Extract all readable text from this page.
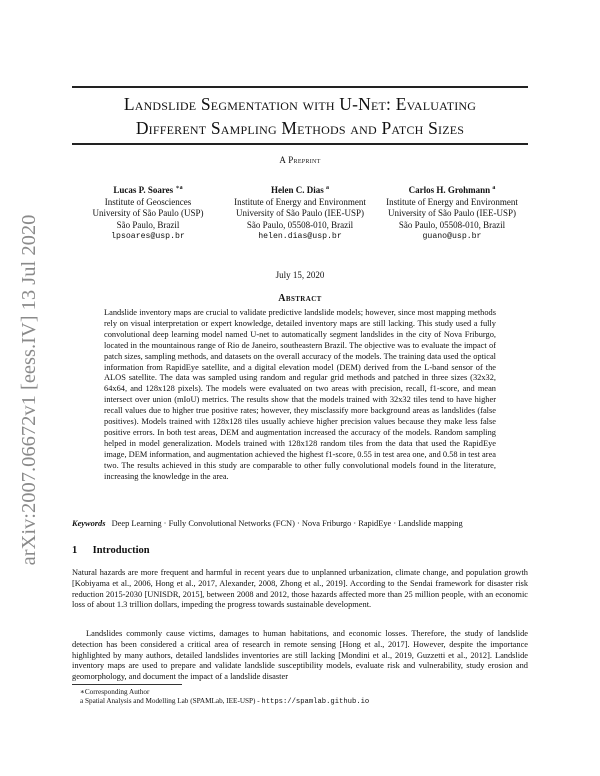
arXiv:2007.06672v1 [eess.IV] 13 Jul 2020
Landslide Segmentation with U-Net: Evaluating
Different Sampling Methods and Patch Sizes
A Preprint
Lucas P. Soares $^{∗a}$
Institute of Geosciences
University of São Paulo (USP)
São Paulo, Brazil
lpsoares@usp.br
Helen C. Dias $^a$
Institute of Energy and Environment
University of São Paulo (IEE-USP)
São Paulo, 05508-010, Brazil
helen.dias@usp.br
Carlos H. Grohmann $^a$
Institute of Energy and Environment
University of São Paulo (IEE-USP)
São Paulo, 05508-010, Brazil
guano@usp.br
July 15, 2020
Abstract
Landslide inventory maps are crucial to validate predictive landslide models; however, since most mapping methods rely on visual interpretation or expert knowledge, detailed inventory maps are still lacking. This study used a fully convolutional deep learning model named U-net to automatically segment landslides in the city of Nova Friburgo, located in the mountainous range of Rio de Janeiro, southeastern Brazil. The objective was to evaluate the impact of patch sizes, sampling methods, and datasets on the overall accuracy of the models. The training data used the optical information from RapidEye satellite, and a digital elevation model (DEM) derived from the L-band sensor of the ALOS satellite. The data was sampled using random and regular grid methods and patched in three sizes (32x32, 64x64, and 128x128 pixels). The models were evaluated on two areas with precision, recall, f1-score, and mean intersect over union (mIoU) metrics. The results show that the models trained with 32x32 tiles tend to have higher recall values due to higher true positive rates; however, they misclassify more background areas as landslides (false positives). Models trained with 128x128 tiles usually achieve higher precision values because they make less false positive errors. In both test areas, DEM and augmentation increased the accuracy of the models. Random sampling helped in model generalization. Models trained with 128x128 random tiles from the data that used the RapidEye image, DEM information, and augmentation achieved the highest f1-score, 0.55 in test area one, and 0.58 in test area two. The results achieved in this study are comparable to other fully convolutional models found in the literature, increasing the knowledge in the area.
Keywords Deep Learning · Fully Convolutional Networks (FCN) · Nova Friburgo · RapidEye · Landslide mapping
1 Introduction
Natural hazards are more frequent and harmful in recent years due to unplanned urbanization, climate change, and population growth [Kobiyama et al., 2006, Hong et al., 2017, Alexander, 2008, Zhong et al., 2019]. According to the Sendai framework for disaster risk reduction 2015-2030 [UNISDR, 2015], between 2008 and 2012, those hazards affected more than 25 million people, with an economic loss of about 1.3 trillion dollars, impeding the progress towards sustainable development.
Landslides commonly cause victims, damages to human habitations, and economic losses. Therefore, the study of landslide detection has been considered a critical area of research in remote sensing [Hong et al., 2017]. However, despite the importance highlighted by many authors, detailed landslides inventories are still lacking [Mondini et al., 2019, Guzzetti et al., 2012]. Landslide inventory maps are used to prepare and validate landslide susceptibility models, evaluate risk and vulnerability, study erosion and geomorphology, and document the impact of a landslide disaster
∗Corresponding Author
a Spatial Analysis and Modelling Lab (SPAMLab, IEE-USP) - https://spamlab.github.io
